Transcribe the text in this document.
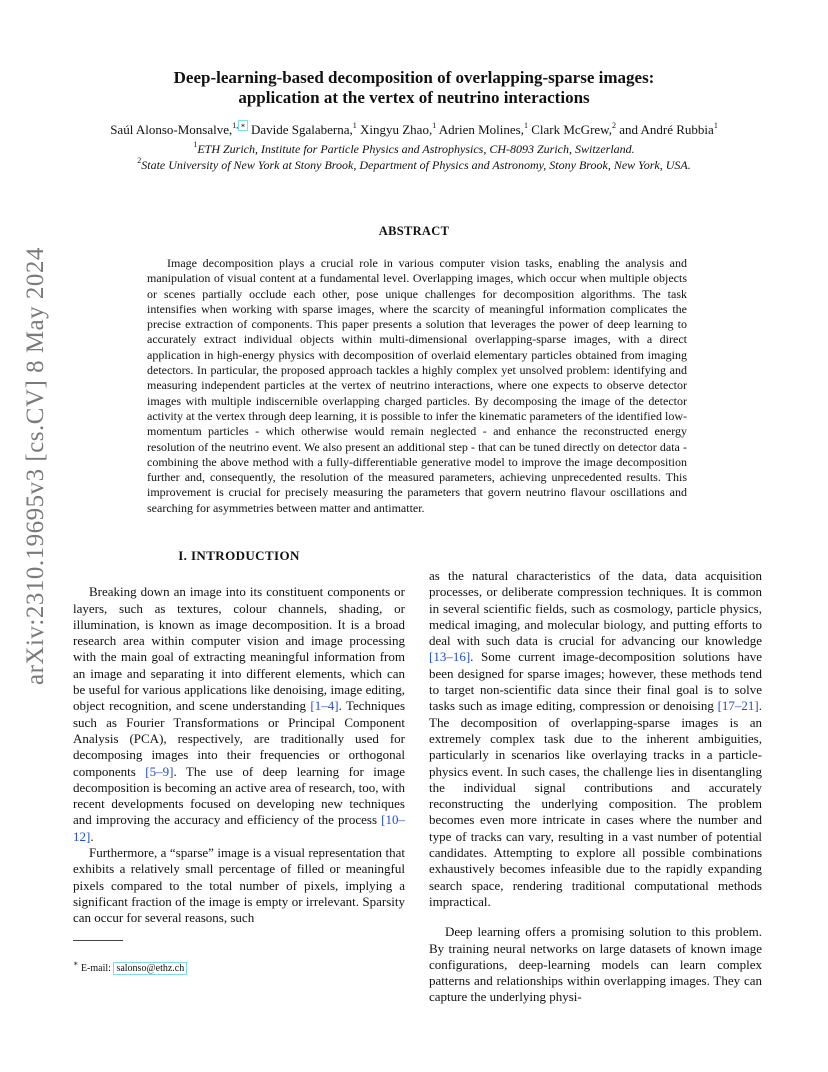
arXiv:2310.19695v3 [cs.CV] 8 May 2024
Deep-learning-based decomposition of overlapping-sparse images:
application at the vertex of neutrino interactions
Saúl Alonso-Monsalve,$^{1,}$ ∗ Davide Sgalaberna,$^1$ Xingyu Zhao,$^1$ Adrien Molines,$^1$ Clark McGrew,$^2$ and André Rubbia$^1$
$^1$ETH Zurich, Institute for Particle Physics and Astrophysics, CH-8093 Zurich, Switzerland.
$^2$State University of New York at Stony Brook, Department of Physics and Astronomy, Stony Brook, New York, USA.
ABSTRACT
Image decomposition plays a crucial role in various computer vision tasks, enabling the analysis and manipulation of visual content at a fundamental level. Overlapping images, which occur when multiple objects or scenes partially occlude each other, pose unique challenges for decomposition algorithms. The task intensifies when working with sparse images, where the scarcity of meaningful information complicates the precise extraction of components. This paper presents a solution that leverages the power of deep learning to accurately extract individual objects within multi-dimensional overlapping-sparse images, with a direct application in high-energy physics with decomposition of overlaid elementary particles obtained from imaging detectors. In particular, the proposed approach tackles a highly complex yet unsolved problem: identifying and measuring independent particles at the vertex of neutrino interactions, where one expects to observe detector images with multiple indiscernible overlapping charged particles. By decomposing the image of the detector activity at the vertex through deep learning, it is possible to infer the kinematic parameters of the identified low-momentum particles - which otherwise would remain neglected - and enhance the reconstructed energy resolution of the neutrino event. We also present an additional step - that can be tuned directly on detector data - combining the above method with a fully-differentiable generative model to improve the image decomposition further and, consequently, the resolution of the measured parameters, achieving unprecedented results. This improvement is crucial for precisely measuring the parameters that govern neutrino flavour oscillations and searching for asymmetries between matter and antimatter.
I. INTRODUCTION

Breaking down an image into its constituent components or layers, such as textures, colour channels, shading, or illumination, is known as image decomposition. It is a broad research area within computer vision and image processing with the main goal of extracting meaningful information from an image and separating it into different elements, which can be useful for various applications like denoising, image editing, object recognition, and scene understanding [1–4]. Techniques such as Fourier Transformations or Principal Component Analysis (PCA), respectively, are traditionally used for decomposing images into their frequencies or orthogonal components [5–9]. The use of deep learning for image decomposition is becoming an active area of research, too, with recent developments focused on developing new techniques and improving the accuracy and efficiency of the process [10–12].

Furthermore, a “sparse” image is a visual representation that exhibits a relatively small percentage of filled or meaningful pixels compared to the total number of pixels, implying a significant fraction of the image is empty or irrelevant. Sparsity can occur for several reasons, such

as the natural characteristics of the data, data acquisition processes, or deliberate compression techniques. It is common in several scientific fields, such as cosmology, particle physics, medical imaging, and molecular biology, and putting efforts to deal with such data is crucial for advancing our knowledge [13–16]. Some current image-decomposition solutions have been designed for sparse images; however, these methods tend to target non-scientific data since their final goal is to solve tasks such as image editing, compression or denoising [17–21]. The decomposition of overlapping-sparse images is an extremely complex task due to the inherent ambiguities, particularly in scenarios like overlaying tracks in a particle-physics event. In such cases, the challenge lies in disentangling the individual signal contributions and accurately reconstructing the underlying composition. The problem becomes even more intricate in cases where the number and type of tracks can vary, resulting in a vast number of potential candidates. Attempting to explore all possible combinations exhaustively becomes infeasible due to the rapidly expanding search space, rendering traditional computational methods impractical.

Deep learning offers a promising solution to this problem. By training neural networks on large datasets of known image configurations, deep-learning models can learn complex patterns and relationships within overlapping images. They can capture the underlying physi-

∗ E-mail: salonso@ethz.ch
